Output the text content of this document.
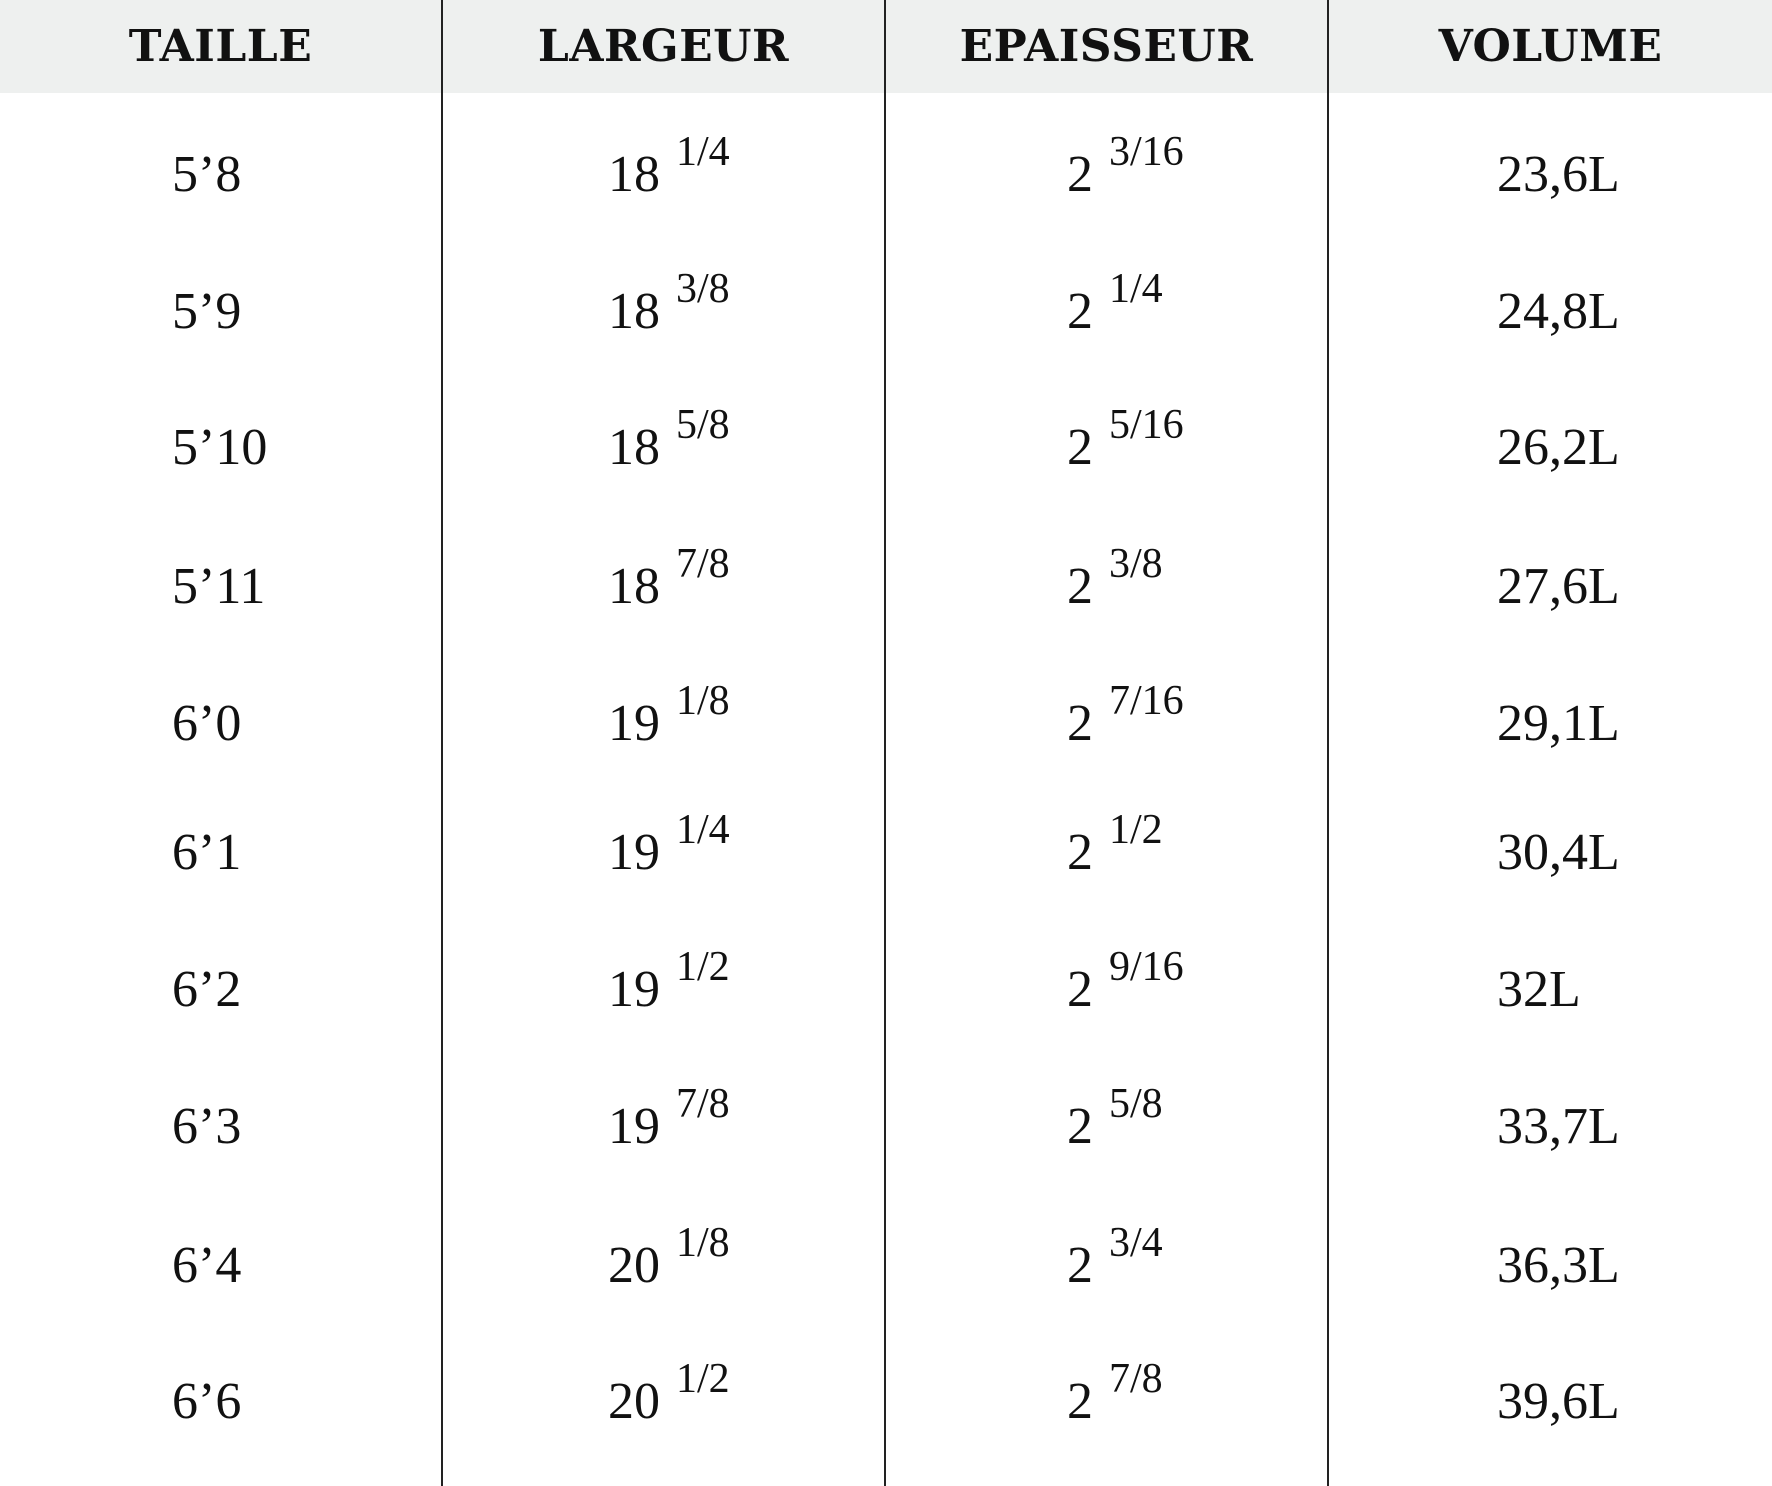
TAILLE	LARGEUR	EPAISSEUR	VOLUME
5’8	18 1/4	2 3/16	23,6L
5’9	18 3/8	2 1/4	24,8L
5’10	18 5/8	2 5/16	26,2L
5’11	18 7/8	2 3/8	27,6L
6’0	19 1/8	2 7/16	29,1L
6’1	19 1/4	2 1/2	30,4L
6’2	19 1/2	2 9/16	32L
6’3	19 7/8	2 5/8	33,7L
6’4	20 1/8	2 3/4	36,3L
6’6	20 1/2	2 7/8	39,6L
